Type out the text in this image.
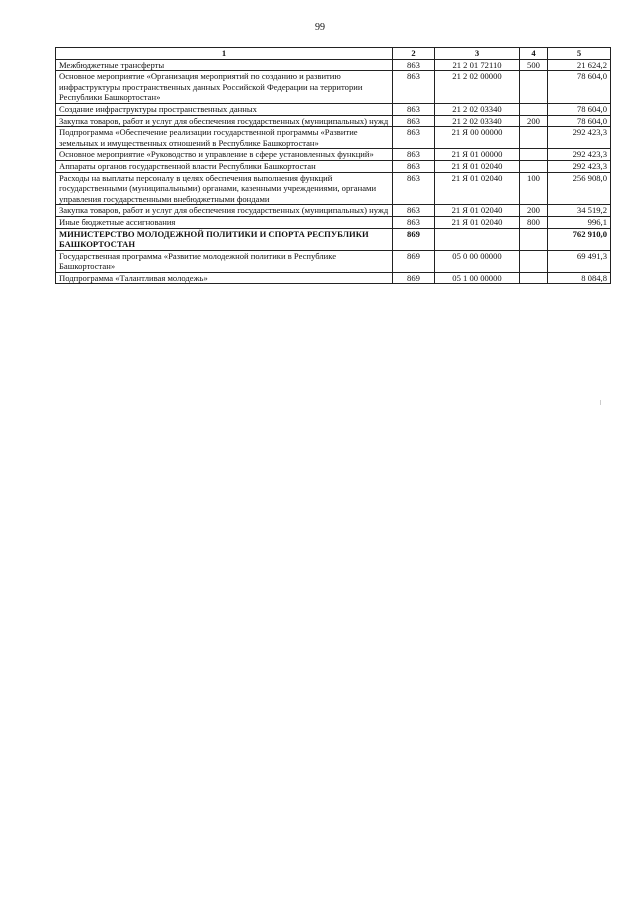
99
1	2	3	4	5
Межбюджетные трансферты	863	21 2 01 72110	500	21 624,2
Основное мероприятие «Организация мероприятий по созданию и развитию инфраструктуры пространственных данных Российской Федерации на территории Республики Башкортостан»	863	21 2 02 00000		78 604,0
Создание инфраструктуры пространственных данных	863	21 2 02 03340		78 604,0
Закупка товаров, работ и услуг для обеспечения государственных (муниципальных) нужд	863	21 2 02 03340	200	78 604,0
Подпрограмма «Обеспечение реализации государственной программы «Развитие земельных и имущественных отношений в Республике Башкортостан»	863	21 Я 00 00000		292 423,3
Основное мероприятие «Руководство и управление в сфере установленных функций»	863	21 Я 01 00000		292 423,3
Аппараты органов государственной власти Республики Башкортостан	863	21 Я 01 02040		292 423,3
Расходы на выплаты персоналу в целях обеспечения выполнения функций государственными (муниципальными) органами, казенными учреждениями, органами управления государственными внебюджетными фондами	863	21 Я 01 02040	100	256 908,0
Закупка товаров, работ и услуг для обеспечения государственных (муниципальных) нужд	863	21 Я 01 02040	200	34 519,2
Иные бюджетные ассигнования	863	21 Я 01 02040	800	996,1
МИНИСТЕРСТВО МОЛОДЕЖНОЙ ПОЛИТИКИ И СПОРТА РЕСПУБЛИКИ БАШКОРТОСТАН	869			762 910,0
Государственная программа «Развитие молодежной политики в Республике Башкортостан»	869	05 0 00 00000		69 491,3
Подпрограмма «Талантливая молодежь»	869	05 1 00 00000		8 084,8
